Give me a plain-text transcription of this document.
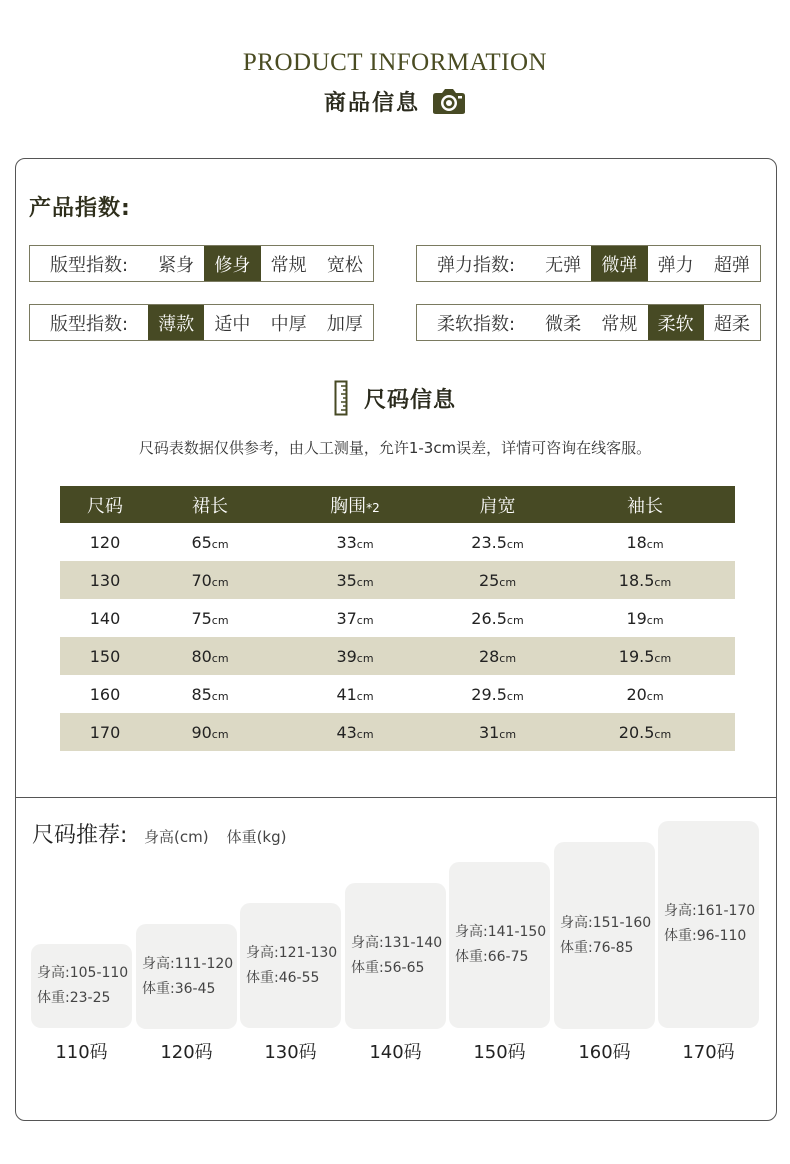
PRODUCT INFORMATION
商品信息
产品指数:
版型指数:	紧身	修身	常规	宽松	弹力指数:	无弹	微弹	弹力	超弹
版型指数:	薄款	适中	中厚	加厚	柔软指数:	微柔	常规	柔软	超柔
尺码信息
尺码表数据仅供参考，由人工测量，允许1-3cm误差，详情可咨询在线客服。
尺码	裙长	胸围*2	肩宽	袖长
120	65cm	33cm	23.5cm	18cm
130	70cm	35cm	25cm	18.5cm
140	75cm	37cm	26.5cm	19cm
150	80cm	39cm	28cm	19.5cm
160	85cm	41cm	29.5cm	20cm
170	90cm	43cm	31cm	20.5cm
尺码推荐: 身高(cm) 体重(kg)
身高:105-110
体重:23-25
110码
身高:111-120
体重:36-45
120码
身高:121-130
体重:46-55
130码
身高:131-140
体重:56-65
140码
身高:141-150
体重:66-75
150码
身高:151-160
体重:76-85
160码
身高:161-170
体重:96-110
170码
